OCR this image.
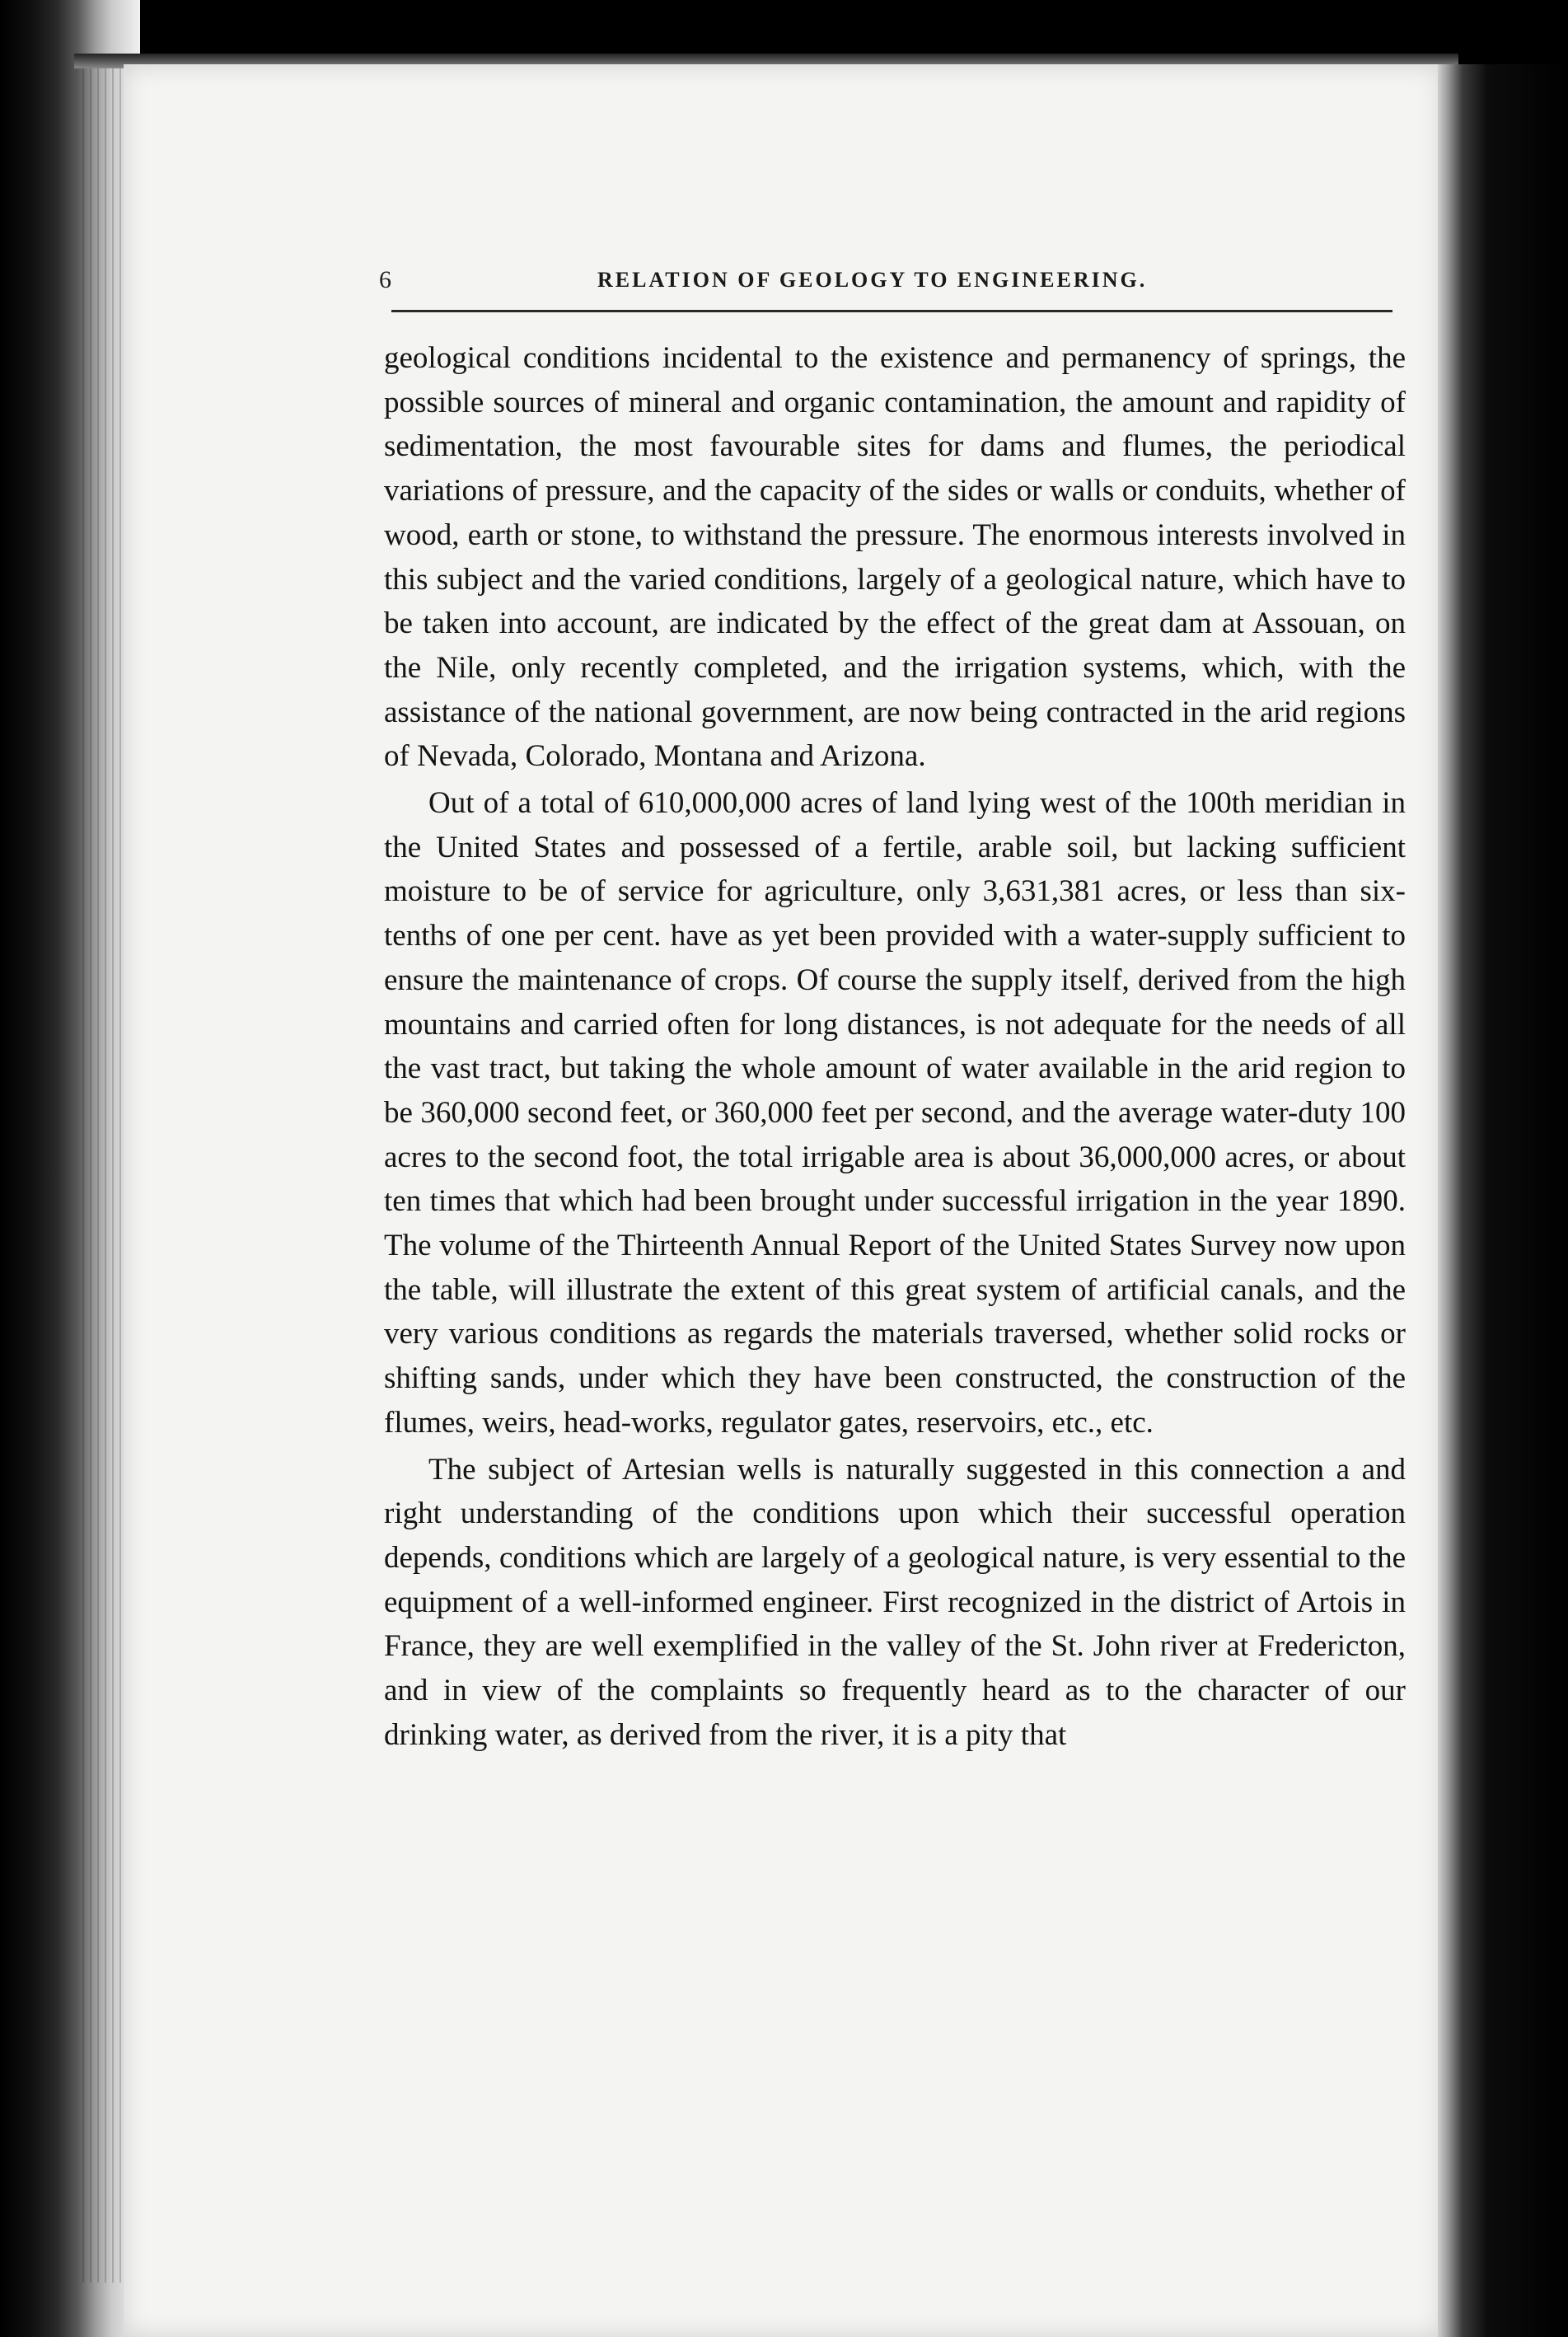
6	RELATION OF GEOLOGY TO ENGINEERING.

geological conditions incidental to the existence and permanency of springs, the possible sources of mineral and organic contamination, the amount and rapidity of sedimentation, the most favourable sites for dams and flumes, the periodical variations of pressure, and the capacity of the sides or walls or conduits, whether of wood, earth or stone, to withstand the pressure. The enormous interests involved in this subject and the varied conditions, largely of a geological nature, which have to be taken into account, are indicated by the effect of the great dam at Assouan, on the Nile, only recently completed, and the irrigation systems, which, with the assistance of the national government, are now being contracted in the arid regions of Nevada, Colorado, Montana and Arizona.

Out of a total of 610,000,000 acres of land lying west of the 100th meridian in the United States and possessed of a fertile, arable soil, but lacking sufficient moisture to be of service for agriculture, only 3,631,381 acres, or less than six-tenths of one per cent. have as yet been provided with a water-supply sufficient to ensure the maintenance of crops. Of course the supply itself, derived from the high mountains and carried often for long distances, is not adequate for the needs of all the vast tract, but taking the whole amount of water available in the arid region to be 360,000 second feet, or 360,000 feet per second, and the average water-duty 100 acres to the second foot, the total irrigable area is about 36,000,000 acres, or about ten times that which had been brought under successful irrigation in the year 1890. The volume of the Thirteenth Annual Report of the United States Survey now upon the table, will illustrate the extent of this great system of artificial canals, and the very various conditions as regards the materials traversed, whether solid rocks or shifting sands, under which they have been constructed, the construction of the flumes, weirs, head-works, regulator gates, reservoirs, etc., etc.

The subject of Artesian wells is naturally suggested in this connection a and right understanding of the conditions upon which their successful operation depends, conditions which are largely of a geological nature, is very essential to the equipment of a well-informed engineer. First recognized in the district of Artois in France, they are well exemplified in the valley of the St. John river at Fredericton, and in view of the complaints so frequently heard as to the character of our drinking water, as derived from the river, it is a pity that
